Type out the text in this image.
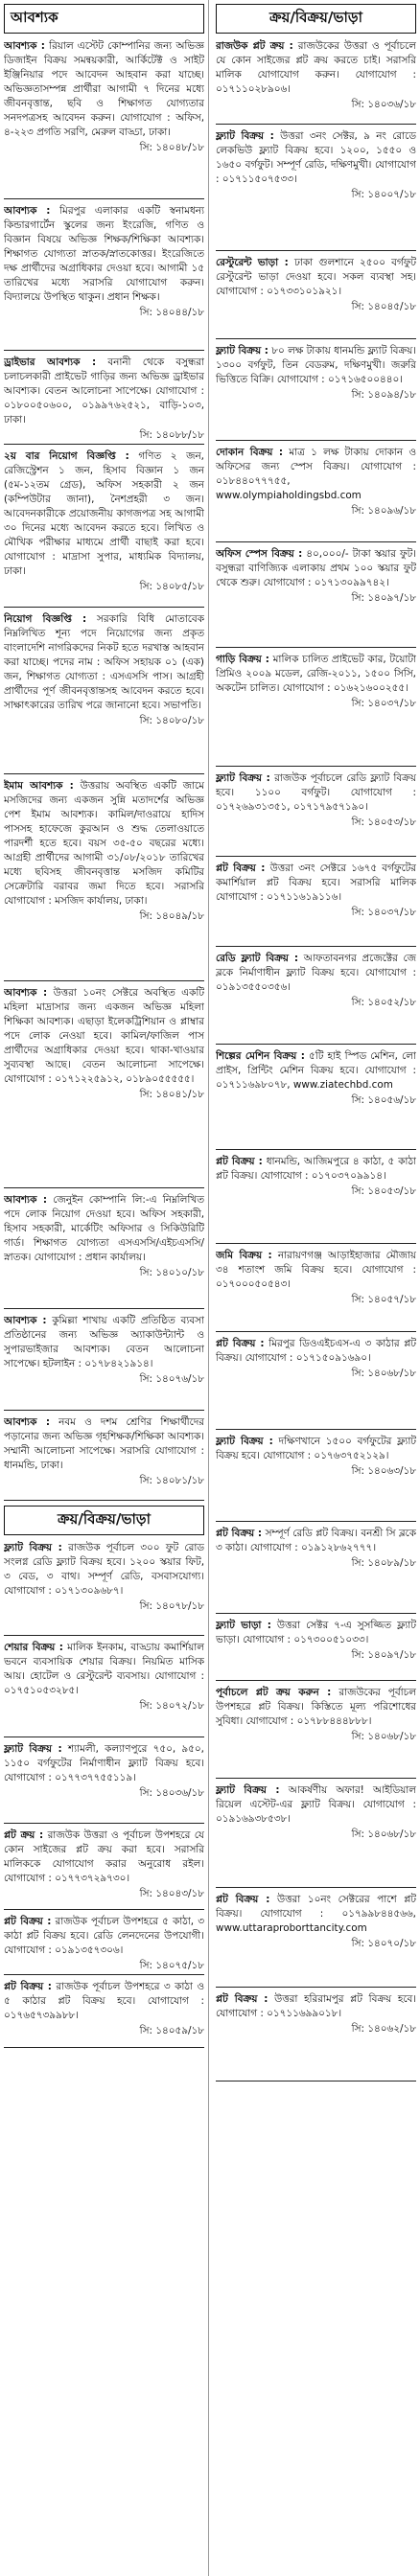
আবশ্যক

আবশ্যক : রিয়াল এস্টেট কোম্পানির জন্য অভিজ্ঞ ডিজাইন বিক্রয় সমন্বয়কারী, আর্কিটেক্ট ও সাইট ইঞ্জিনিয়ার পদে আবেদন আহবান করা যাচ্ছে। অভিজ্ঞতাসম্পন্ন প্রার্থীরা আগামী ৭ দিনের মধ্যে জীবনবৃত্তান্ত, ছবি ও শিক্ষাগত যোগ্যতার সনদপত্রসহ আবেদন করুন। যোগাযোগ : অফিস, ৪-২২৩ প্রগতি সরণি, মেরুল বাড্ডা, ঢাকা।

সি: ১৪০৪৮/১৮

আবশ্যক : মিরপুর এলাকার একটি স্বনামধন্য কিন্ডারগার্টেন স্কুলের জন্য ইংরেজি, গণিত ও বিজ্ঞান বিষয়ে অভিজ্ঞ শিক্ষক/শিক্ষিকা আবশ্যক। শিক্ষাগত যোগ্যতা স্নাতক/স্নাতকোত্তর। ইংরেজিতে দক্ষ প্রার্থীদের অগ্রাধিকার দেওয়া হবে। আগামী ১৫ তারিখের মধ্যে সরাসরি যোগাযোগ করুন। বিদ্যালয়ে উপস্থিত থাকুন। প্রধান শিক্ষক।

সি: ১৪০৪৪/১৮

ড্রাইভার আবশ্যক : বনানী থেকে বসুন্ধরা চলাচলকারী প্রাইভেট গাড়ির জন্য অভিজ্ঞ ড্রাইভার আবশ্যক। বেতন আলোচনা সাপেক্ষে। যোগাযোগ : ০১৮০০৫০৬০০, ০১৯৯৭৬২৫২১, বাড়ি-১০৩, ঢাকা।

সি: ১৪০৮৮/১৮

২য় বার নিয়োগ বিজ্ঞপ্তি : গণিত ২ জন, রেজিস্ট্রেশন ১ জন, হিসাব বিজ্ঞান ১ জন (৫ম-১২তম গ্রেড), অফিস সহকারী ২ জন (কম্পিউটার জানা), নৈশপ্রহরী ৩ জন। আবেদনকারীকে প্রয়োজনীয় কাগজপত্র সহ আগামী ৩০ দিনের মধ্যে আবেদন করতে হবে। লিখিত ও মৌখিক পরীক্ষার মাধ্যমে প্রার্থী বাছাই করা হবে। যোগাযোগ : মাদ্রাসা সুপার, মাধ্যমিক বিদ্যালয়, ঢাকা।

সি: ১৪০৮৫/১৮

নিয়োগ বিজ্ঞপ্তি : সরকারি বিধি মোতাবেক নিম্নলিখিত শূন্য পদে নিয়োগের জন্য প্রকৃত বাংলাদেশি নাগরিকদের নিকট হতে দরখাস্ত আহবান করা যাচ্ছে। পদের নাম : অফিস সহায়ক ০১ (এক) জন, শিক্ষাগত যোগ্যতা : এসএসসি পাস। আগ্রহী প্রার্থীদের পূর্ণ জীবনবৃত্তান্তসহ আবেদন করতে হবে। সাক্ষাৎকারের তারিখ পরে জানানো হবে। সভাপতি।

সি: ১৪০৮০/১৮

ইমাম আবশ্যক : উত্তরায় অবস্থিত একটি জামে মসজিদের জন্য একজন সুন্নি মতাদর্শের অভিজ্ঞ পেশ ইমাম আবশ্যক। কামিল/দাওরায়ে হাদিস পাসসহ হাফেজে কুরআন ও শুদ্ধ তেলাওয়াতে পারদর্শী হতে হবে। বয়স ৩৫-৫০ বছরের মধ্যে। আগ্রহী প্রার্থীদের আগামী ৩১/০৮/২০১৮ তারিখের মধ্যে ছবিসহ জীবনবৃত্তান্ত মসজিদ কমিটির সেক্রেটারি বরাবর জমা দিতে হবে। সরাসরি যোগাযোগ : মসজিদ কার্যালয়, ঢাকা।

সি: ১৪০৪৯/১৮

আবশ্যক : উত্তরা ১০নং সেক্টরে অবস্থিত একটি মহিলা মাদ্রাসার জন্য একজন অভিজ্ঞ মহিলা শিক্ষিকা আবশ্যক। এছাড়া ইলেকট্রিশিয়ান ও প্লাম্বার পদে লোক নেওয়া হবে। কামিল/ফাজিল পাস প্রার্থীদের অগ্রাধিকার দেওয়া হবে। থাকা-খাওয়ার সুব্যবস্থা আছে। বেতন আলোচনা সাপেক্ষে। যোগাযোগ : ০১৭১২২৫৯১২, ০১৮৯০৫৫৫৫৫।

সি: ১৪০৪১/১৮

আবশ্যক : জেনুইন কোম্পানি লি:-এ নিম্নলিখিত পদে লোক নিয়োগ দেওয়া হবে। অফিস সহকারী, হিসাব সহকারী, মার্কেটিং অফিসার ও সিকিউরিটি গার্ড। শিক্ষাগত যোগ্যতা এসএসসি/এইচএসসি/স্নাতক। যোগাযোগ : প্রধান কার্যালয়।

সি: ১৪০১০/১৮

আবশ্যক : কুমিল্লা শাখায় একটি প্রতিষ্ঠিত ব্যবসা প্রতিষ্ঠানের জন্য অভিজ্ঞ অ্যাকাউন্ট্যান্ট ও সুপারভাইজার আবশ্যক। বেতন আলোচনা সাপেক্ষে। হটলাইন : ০১৭৮৪২১৯১৪।

সি: ১৪০৭৬/১৮

আবশ্যক : নবম ও দশম শ্রেণির শিক্ষার্থীদের পড়ানোর জন্য অভিজ্ঞ গৃহশিক্ষক/শিক্ষিকা আবশ্যক। সম্মানী আলোচনা সাপেক্ষে। সরাসরি যোগাযোগ : ধানমন্ডি, ঢাকা।

সি: ১৪০৮১/১৮
ক্রয়/বিক্রয়/ভাড়া

ফ্ল্যাট বিক্রয় : রাজউক পূর্বাচল ৩০০ ফুট রোড সংলগ্ন রেডি ফ্ল্যাট বিক্রয় হবে। ১২০০ স্কয়ার ফিট, ৩ বেড, ৩ বাথ। সম্পূর্ণ রেডি, বসবাসযোগ্য। যোগাযোগ : ০১৭১৩০৯৬৮৭।

সি: ১৪০৭৮/১৮

শেয়ার বিক্রয় : মালিক ইনকাম, বাড্ডায় কমার্শিয়াল ভবনে ব্যবসায়িক শেয়ার বিক্রয়। নিয়মিত মাসিক আয়। হোটেল ও রেস্টুরেন্ট ব্যবসায়। যোগাযোগ : ০১৭৫১০৫৩২৮৫।

সি: ১৪০৭২/১৮

ফ্ল্যাট বিক্রয় : শ্যামলী, কল্যাণপুরে ৭৫০, ৯৫০, ১১৫০ বর্গফুটের নির্মাণাধীন ফ্ল্যাট বিক্রয় হবে। যোগাযোগ : ০১৭৭৩৭৭৫৫১১৯।

সি: ১৪০৩৬/১৮

প্লট ক্রয় : রাজউক উত্তরা ও পূর্বাচল উপশহরে যে কোন সাইজের প্লট ক্রয় করা হবে। সরাসরি মালিককে যোগাযোগ করার অনুরোধ রইল। যোগাযোগ : ০১৭৭৩৭২৯৭৩০।

সি: ১৪০৪৩/১৮

প্লট বিক্রয় : রাজউক পূর্বাচল উপশহরে ৫ কাঠা, ৩ কাঠা প্লট বিক্রয় হবে। রেডি লেনদেনের উপযোগী। যোগাযোগ : ০১৯১৩৫৭৩০৬।

সি: ১৪০৭৫/১৮

প্লট বিক্রয় : রাজউক পূর্বাচল উপশহরে ৩ কাঠা ও ৫ কাঠার প্লট বিক্রয় হবে। যোগাযোগ : ০১৭৬৫৭৩৯৯৮৮।

সি: ১৪০৫৯/১৮
ক্রয়/বিক্রয়/ভাড়া

রাজউক প্লট ক্রয় : রাজউকের উত্তরা ও পূর্বাচলে যে কোন সাইজের প্লট ক্রয় করতে চাই। সরাসরি মালিক যোগাযোগ করুন। যোগাযোগ : ০১৭১১০২৮৯০৬।

সি: ১৪০৩৬/১৮

ফ্ল্যাট বিক্রয় : উত্তরা ৩নং সেক্টর, ৯ নং রোডে লেকভিউ ফ্ল্যাট বিক্রয় হবে। ১২০০, ১৫৫০ ও ১৬৫০ বর্গফুট। সম্পূর্ণ রেডি, দক্ষিণমুখী। যোগাযোগ : ০১৭১১৫০৭৫৩৩।

সি: ১৪০০৭/১৮

রেস্টুরেন্ট ভাড়া : ঢাকা গুলশানে ২৫০০ বর্গফুট রেস্টুরেন্ট ভাড়া দেওয়া হবে। সকল ব্যবস্থা সহ। যোগাযোগ : ০১৭৩৩১০১৯২১।

সি: ১৪০৪৫/১৮

ফ্ল্যাট বিক্রয় : ৮০ লক্ষ টাকায় ধানমন্ডি ফ্ল্যাট বিক্রয়। ১৩০০ বর্গফুট, তিন বেডরুম, দক্ষিণমুখী। জরুরি ভিত্তিতে বিক্রি। যোগাযোগ : ০১৭১৬৫০০৪৪০।

সি: ১৪০৯৪/১৮

দোকান বিক্রয় : মাত্র ১ লক্ষ টাকায় দোকান ও অফিসের জন্য স্পেস বিক্রয়। যোগাযোগ : ০১৮৪৪০৭৭৭৫৫, www.olympiaholdingsbd.com

সি: ১৪০৯৬/১৮

অফিস স্পেস বিক্রয় : ৪০,০০০/- টাকা স্কয়ার ফুট। বসুন্ধরা বাণিজ্যিক এলাকায় প্রথম ১০০ স্কয়ার ফুট থেকে শুরু। যোগাযোগ : ০১৭১৩০৯৯৭৪২।

সি: ১৪০৯৭/১৮

গাড়ি বিক্রয় : মালিক চালিত প্রাইভেট কার, টয়োটা প্রিমিও ২০০৯ মডেল, রেজি-২০১১, ১৫০০ সিসি, অকটেন চালিত। যোগাযোগ : ০১৬২১৬০০২৫৫।

সি: ১৪০৩৭/১৮

ফ্ল্যাট বিক্রয় : রাজউক পূর্বাচলে রেডি ফ্ল্যাট বিক্রয় হবে। ১১০০ বর্গফুট। যোগাযোগ : ০১৭২৬৯৩১৩৫১, ০১৭১৭৯৫৭১৯০।

সি: ১৪০৫৩/১৮

প্লট বিক্রয় : উত্তরা ৩নং সেক্টরে ১৬৭৫ বর্গফুটের কমার্শিয়াল প্লট বিক্রয় হবে। সরাসরি মালিক যোগাযোগ : ০১৭১১৬১৯১১৬।

সি: ১৪০৩৭/১৮

রেডি ফ্ল্যাট বিক্রয় : আফতাবনগর প্রজেক্টের জে ব্লকে নির্মাণাধীন ফ্ল্যাট বিক্রয় হবে। যোগাযোগ : ০১৯১৩৫৫০৩৫৬।

সি: ১৪০৫২/১৮

শিল্পের মেশিন বিক্রয় : ৫টি হাই স্পিড মেশিন, লো প্রাইস, প্রিন্টিং মেশিন বিক্রয় হবে। যোগাযোগ : ০১৭১১৬৯৮০৭৮, www.ziatechbd.com

সি: ১৪০৫৬/১৮

প্লট বিক্রয় : ধানমন্ডি, আজিমপুরে ৪ কাঠা, ৫ কাঠা প্লট বিক্রয়। যোগাযোগ : ০১৭০৩৭০৯৯১৪।

সি: ১৪০৫৩/১৮

জমি বিক্রয় : নারায়ণগঞ্জ আড়াইহাজার মৌজায় ৩৪ শতাংশ জমি বিক্রয় হবে। যোগাযোগ : ০১৭০০০৫০৫৪৩।

সি: ১৪০৫৭/১৮

প্লট বিক্রয় : মিরপুর ডিওএইচএস-এ ৩ কাঠার প্লট বিক্রয়। যোগাযোগ : ০১৭১৫০৯১৬৯০।

সি: ১৪০৬৮/১৮

ফ্ল্যাট বিক্রয় : দক্ষিণখানে ১৫০০ বর্গফুটের ফ্ল্যাট বিক্রয় হবে। যোগাযোগ : ০১৭৬৩৭৫২১২৯।

সি: ১৪০৬৩/১৮

প্লট বিক্রয় : সম্পূর্ণ রেডি প্লট বিক্রয়। বনশ্রী সি ব্লকে ৩ কাঠা। যোগাযোগ : ০১৯১২৮৬২৭৭৭।

সি: ১৪০৮৯/১৮

ফ্ল্যাট ভাড়া : উত্তরা সেক্টর ৭-এ সুসজ্জিত ফ্ল্যাট ভাড়া। যোগাযোগ : ০১৭৩০০৫১০৩৩।

সি: ১৪০৯৭/১৮

পূর্বাচলে প্লট ক্রয় করুন : রাজউকের পূর্বাচল উপশহরে প্লট বিক্রয়। কিস্তিতে মূল্য পরিশোধের সুবিধা। যোগাযোগ : ০১৭৮৮৪৪৪৮৮৮।

সি: ১৪০৬৮/১৮

ফ্ল্যাট বিক্রয় : আকর্ষণীয় অফার! আইডিয়াল রিয়েল এস্টেট-এর ফ্ল্যাট বিক্রয়। যোগাযোগ : ০১৯১৬৯৩৮৫৩৮।

সি: ১৪০৬৮/১৮

প্লট বিক্রয় : উত্তরা ১০নং সেক্টরের পাশে প্লট বিক্রয়। যোগাযোগ : ০১৭৯৯৮৪৪৫৬৬, www.uttaraproborttancity.com

সি: ১৪০৭০/১৮

প্লট বিক্রয় : উত্তরা হরিরামপুর প্লট বিক্রয় হবে। যোগাযোগ : ০১৭১১৬৯৯০১৮।

সি: ১৪০৬২/১৮
